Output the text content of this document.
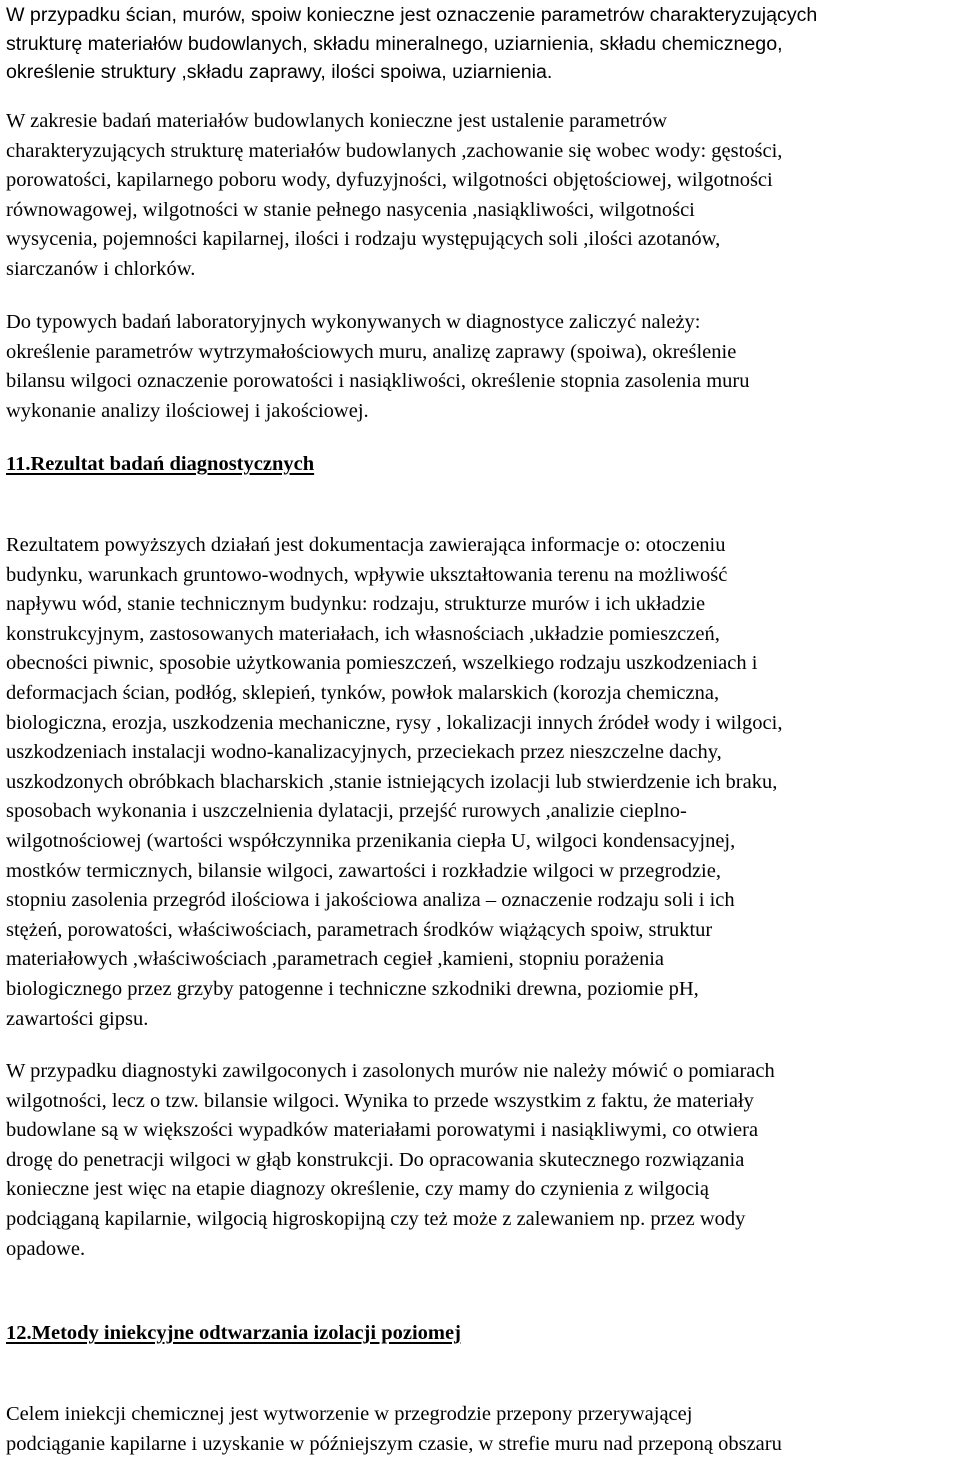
W przypadku ścian, murów, spoiw konieczne jest oznaczenie parametrów charakteryzujących
strukturę materiałów budowlanych, składu mineralnego, uziarnienia, składu chemicznego,
określenie struktury ,składu zaprawy, ilości spoiwa, uziarnienia.
W zakresie badań materiałów budowlanych konieczne jest ustalenie parametrów
charakteryzujących strukturę materiałów budowlanych ,zachowanie się wobec wody: gęstości,
porowatości, kapilarnego poboru wody, dyfuzyjności, wilgotności objętościowej, wilgotności
równowagowej, wilgotności w stanie pełnego nasycenia ,nasiąkliwości, wilgotności
wysycenia, pojemności kapilarnej, ilości i rodzaju występujących soli ,ilości azotanów,
siarczanów i chlorków.
Do typowych badań laboratoryjnych wykonywanych w diagnostyce zaliczyć należy:
określenie parametrów wytrzymałościowych muru, analizę zaprawy (spoiwa), określenie
bilansu wilgoci oznaczenie porowatości i nasiąkliwości, określenie stopnia zasolenia muru
wykonanie analizy ilościowej i jakościowej.
11.Rezultat badań diagnostycznych
Rezultatem powyższych działań jest dokumentacja zawierająca informacje o: otoczeniu
budynku, warunkach gruntowo-wodnych, wpływie ukształtowania terenu na możliwość
napływu wód, stanie technicznym budynku: rodzaju, strukturze murów i ich układzie
konstrukcyjnym, zastosowanych materiałach, ich własnościach ,układzie pomieszczeń,
obecności piwnic, sposobie użytkowania pomieszczeń, wszelkiego rodzaju uszkodzeniach i
deformacjach ścian, podłóg, sklepień, tynków, powłok malarskich (korozja chemiczna,
biologiczna, erozja, uszkodzenia mechaniczne, rysy , lokalizacji innych źródeł wody i wilgoci,
uszkodzeniach instalacji wodno-kanalizacyjnych, przeciekach przez nieszczelne dachy,
uszkodzonych obróbkach blacharskich ,stanie istniejących izolacji lub stwierdzenie ich braku,
sposobach wykonania i uszczelnienia dylatacji, przejść rurowych ,analizie cieplno-
wilgotnościowej (wartości współczynnika przenikania ciepła U, wilgoci kondensacyjnej,
mostków termicznych, bilansie wilgoci, zawartości i rozkładzie wilgoci w przegrodzie,
stopniu zasolenia przegród ilościowa i jakościowa analiza – oznaczenie rodzaju soli i ich
stężeń, porowatości, właściwościach, parametrach środków wiążących spoiw, struktur
materiałowych ,właściwościach ,parametrach cegieł ,kamieni, stopniu porażenia
biologicznego przez grzyby patogenne i techniczne szkodniki drewna, poziomie pH,
zawartości gipsu.
W przypadku diagnostyki zawilgoconych i zasolonych murów nie należy mówić o pomiarach
wilgotności, lecz o tzw. bilansie wilgoci. Wynika to przede wszystkim z faktu, że materiały
budowlane są w większości wypadków materiałami porowatymi i nasiąkliwymi, co otwiera
drogę do penetracji wilgoci w głąb konstrukcji. Do opracowania skutecznego rozwiązania
konieczne jest więc na etapie diagnozy określenie, czy mamy do czynienia z wilgocią
podciąganą kapilarnie, wilgocią higroskopijną czy też może z zalewaniem np. przez wody
opadowe.
12.Metody iniekcyjne odtwarzania izolacji poziomej
Celem iniekcji chemicznej jest wytworzenie w przegrodzie przepony przerywającej
podciąganie kapilarne i uzyskanie w późniejszym czasie, w strefie muru nad przeponą obszaru
